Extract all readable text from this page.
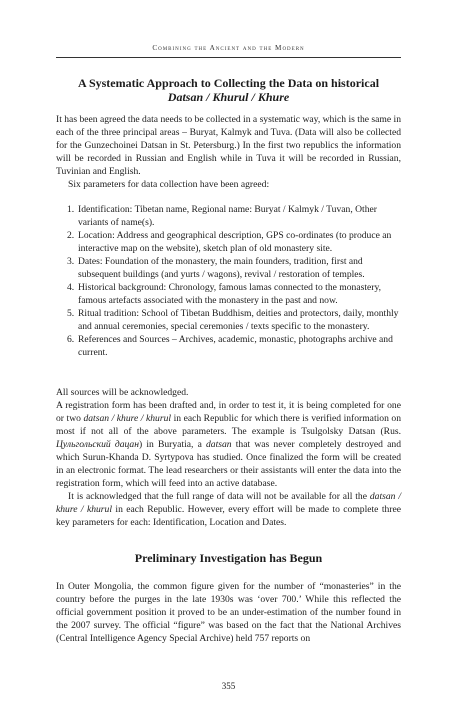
Combining the Ancient and the Modern
A Systematic Approach to Collecting the Data on historical
Datsan / Khurul / Khure

It has been agreed the data needs to be collected in a systematic way, which is the same in each of the three principal areas – Buryat, Kalmyk and Tuva. (Data will also be collected for the Gunzechoinei Datsan in St. Petersburg.) In the first two republics the information will be recorded in Russian and English while in Tuva it will be recorded in Russian, Tuvinian and English.

Six parameters for data collection have been agreed:

1. Identification: Tibetan name, Regional name: Buryat / Kalmyk / Tuvan, Other variants of name(s).
2. Location: Address and geographical description, GPS co-ordinates (to produce an interactive map on the website), sketch plan of old monastery site.
3. Dates: Foundation of the monastery, the main founders, tradition, first and subsequent buildings (and yurts / wagons), revival / restoration of temples.
4. Historical background: Chronology, famous lamas connected to the monastery, famous artefacts associated with the monastery in the past and now.
5. Ritual tradition: School of Tibetan Buddhism, deities and protectors, daily, monthly and annual ceremonies, special ceremonies / texts specific to the monastery.
6. References and Sources – Archives, academic, monastic, photographs archive and current.

All sources will be acknowledged.

A registration form has been drafted and, in order to test it, it is being completed for one or two datsan / khure / khurul in each Republic for which there is verified information on most if not all of the above parameters. The example is Tsulgolsky Datsan (Rus. Цульгольский дацан) in Buryatia, a datsan that was never completely destroyed and which Surun-Khanda D. Syrtypova has studied. Once finalized the form will be created in an electronic format. The lead researchers or their assistants will enter the data into the registration form, which will feed into an active database.

It is acknowledged that the full range of data will not be available for all the datsan / khure / khurul in each Republic. However, every effort will be made to complete three key parameters for each: Identification, Location and Dates.

Preliminary Investigation has Begun

In Outer Mongolia, the common figure given for the number of “monasteries” in the country before the purges in the late 1930s was ‘over 700.’ While this reflected the official government position it proved to be an under-estimation of the number found in the 2007 survey. The official “figure” was based on the fact that the National Archives (Central Intelligence Agency Special Archive) held 757 reports on

355
